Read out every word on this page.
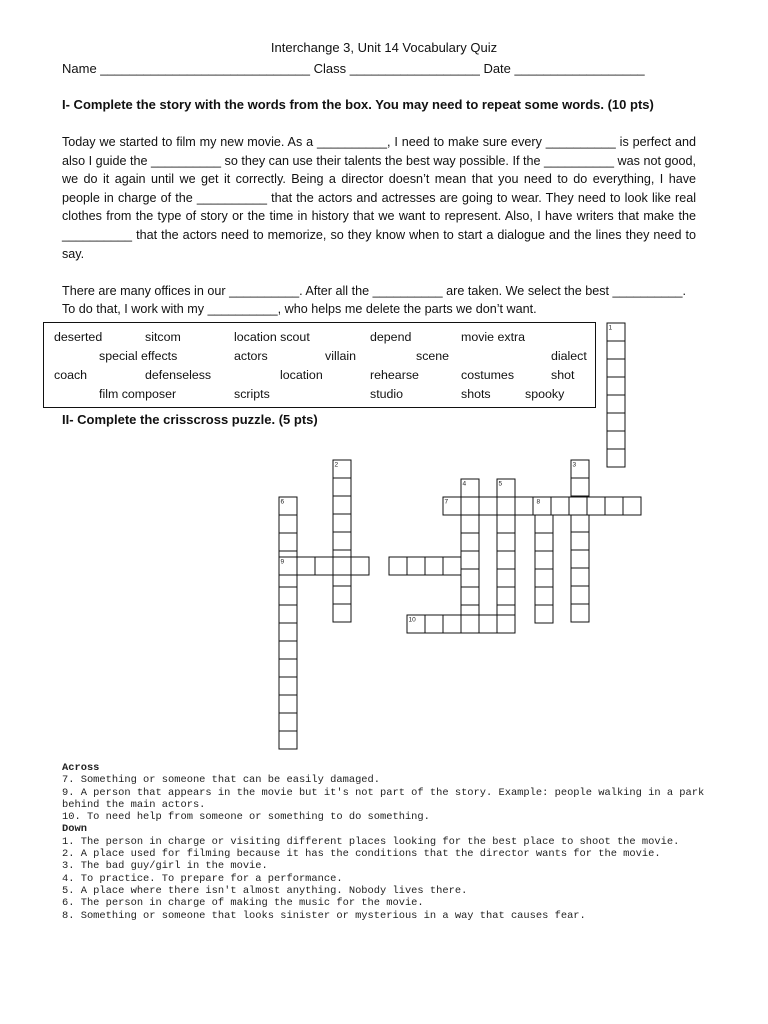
Interchange 3, Unit 14 Vocabulary Quiz
Name _____________________________ Class __________________ Date __________________
I- Complete the story with the words from the box. You may need to repeat some words. (10 pts)

Today we started to film my new movie. As a __________, I need to make sure every __________ is perfect and also I guide the __________ so they can use their talents the best way possible. If the __________ was not good, we do it again until we get it correctly. Being a director doesn’t mean that you need to do everything, I have people in charge of the __________ that the actors and actresses are going to wear. They need to look like real clothes from the type of story or the time in history that we want to represent. Also, I have writers that make the __________ that the actors need to memorize, so they know when to start a dialogue and the lines they need to say.

There are many offices in our __________. After all the __________ are taken. We select the best __________.
To do that, I work with my __________, who helps me delete the parts we don’t want.
deserted	sitcom	location scout	depend	movie extra
special effects	actors	villain	scene	dialect
coach	defenseless	location	rehearse	costumes	shot
film composer	scripts	studio	shots	spooky
II- Complete the crisscross puzzle. (5 pts)
1
2	3
4	5
6	7	8
9
10
Across
7. Something or someone that can be easily damaged.
9. A person that appears in the movie but it's not part of the story. Example: people walking in a park behind the main actors.
10. To need help from someone or something to do something.
Down
1. The person in charge or visiting different places looking for the best place to shoot the movie.
2. A place used for filming because it has the conditions that the director wants for the movie.
3. The bad guy/girl in the movie.
4. To practice. To prepare for a performance.
5. A place where there isn't almost anything. Nobody lives there.
6. The person in charge of making the music for the movie.
8. Something or someone that looks sinister or mysterious in a way that causes fear.
